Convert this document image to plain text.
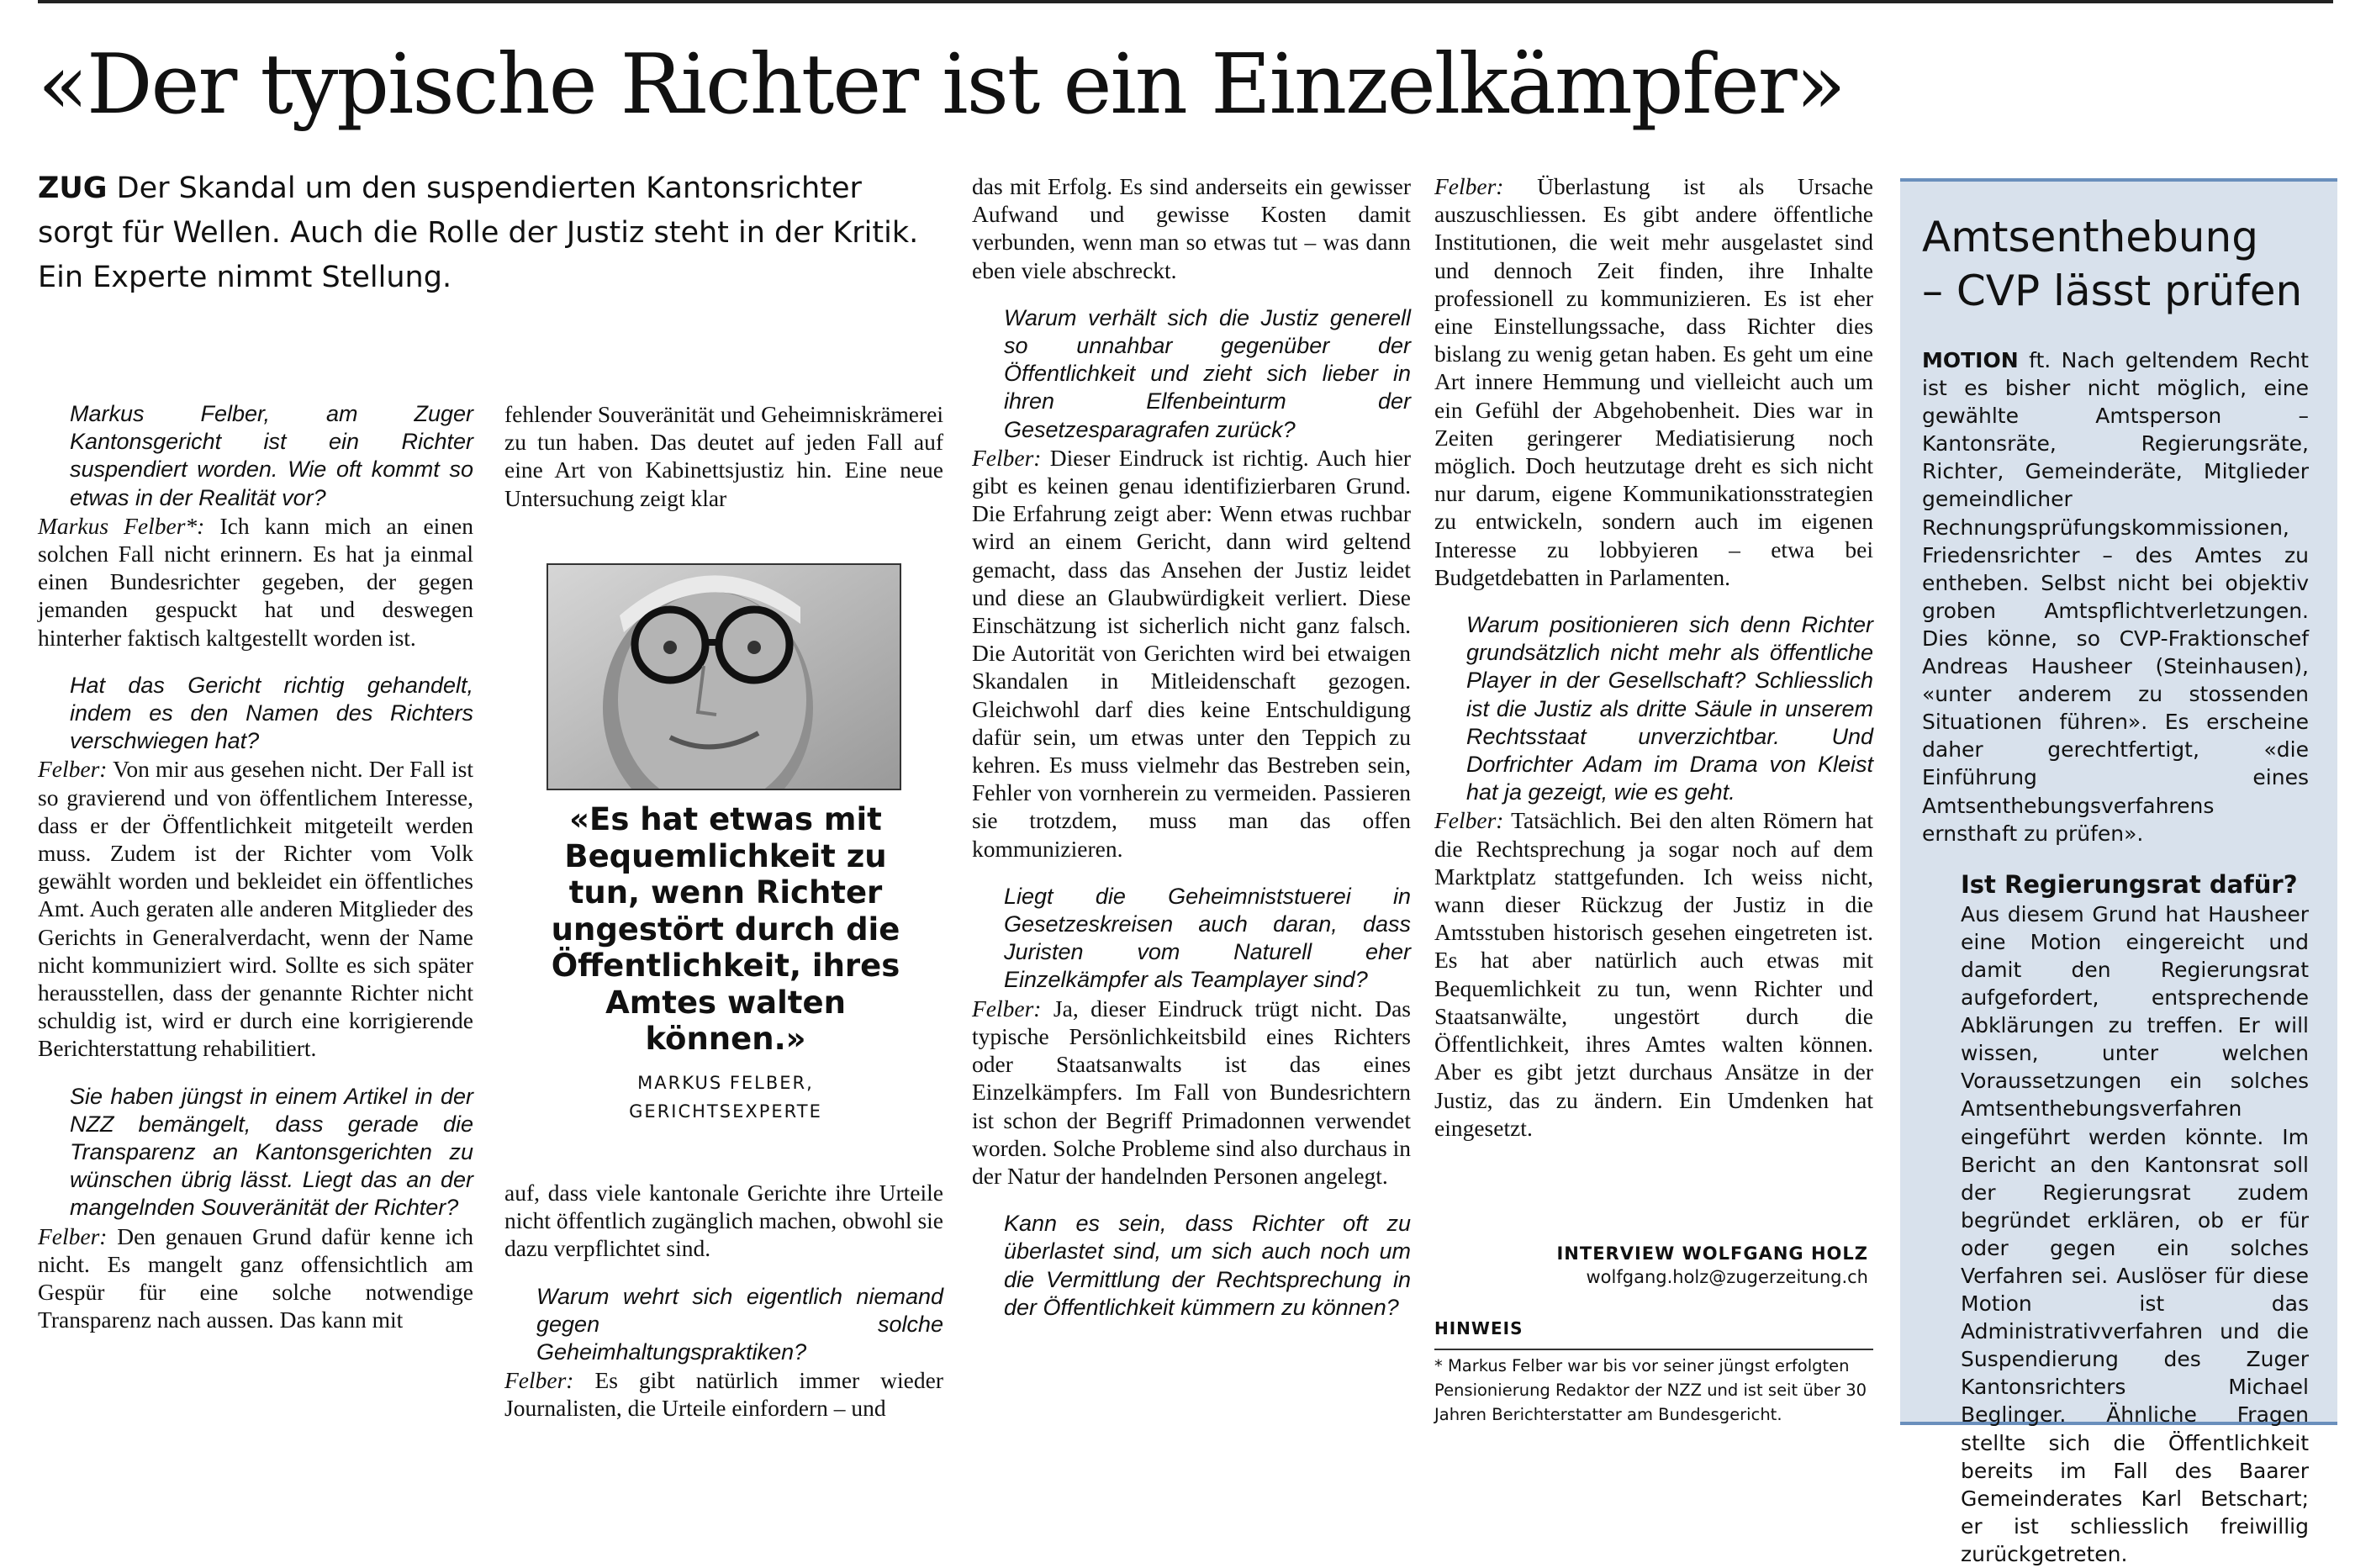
«Der typische Richter ist ein Einzelkämpfer»
ZUG Der Skandal um den suspendierten Kantonsrichter sorgt für Wellen. Auch die Rolle der Justiz steht in der Kritik. Ein Experte nimmt Stellung.

Markus Felber, am Zuger Kantonsgericht ist ein Richter suspendiert worden. Wie oft kommt so etwas in der Realität vor?

Markus Felber*: Ich kann mich an einen solchen Fall nicht erinnern. Es hat ja einmal einen Bundesrichter gegeben, der gegen jemanden gespuckt hat und deswegen hinterher faktisch kaltgestellt worden ist.

Hat das Gericht richtig gehandelt, indem es den Namen des Richters verschwiegen hat?

Felber: Von mir aus gesehen nicht. Der Fall ist so gravierend und von öffentlichem Interesse, dass er der Öffentlichkeit mitgeteilt werden muss. Zudem ist der Richter vom Volk gewählt worden und bekleidet ein öffentliches Amt. Auch geraten alle anderen Mitglieder des Gerichts in Generalverdacht, wenn der Name nicht kommuniziert wird. Sollte es sich später herausstellen, dass der genannte Richter nicht schuldig ist, wird er durch eine korrigierende Berichterstattung rehabilitiert.

Sie haben jüngst in einem Artikel in der NZZ bemängelt, dass gerade die Transparenz an Kantonsgerichten zu wünschen übrig lässt. Liegt das an der mangelnden Souveränität der Richter?

Felber: Den genauen Grund dafür kenne ich nicht. Es mangelt ganz offensichtlich am Gespür für eine solche notwendige Transparenz nach aussen. Das kann mit

fehlender Souveränität und Geheimniskrämerei zu tun haben. Das deutet auf jeden Fall auf eine Art von Kabinettsjustiz hin. Eine neue Untersuchung zeigt klar

«Es hat etwas mit Bequemlichkeit zu tun, wenn Richter ungestört durch die Öffentlichkeit, ihres Amtes walten können.»
MARKUS FELBER,
GERICHTSEXPERTE

auf, dass viele kantonale Gerichte ihre Urteile nicht öffentlich zugänglich machen, obwohl sie dazu verpflichtet sind.

Warum wehrt sich eigentlich niemand gegen solche Geheimhaltungspraktiken?

Felber: Es gibt natürlich immer wieder Journalisten, die Urteile einfordern – und

das mit Erfolg. Es sind anderseits ein gewisser Aufwand und gewisse Kosten damit verbunden, wenn man so etwas tut – was dann eben viele abschreckt.

Warum verhält sich die Justiz generell so unnahbar gegenüber der Öffentlichkeit und zieht sich lieber in ihren Elfenbeinturm der Gesetzesparagrafen zurück?

Felber: Dieser Eindruck ist richtig. Auch hier gibt es keinen genau identifizierbaren Grund. Die Erfahrung zeigt aber: Wenn etwas ruchbar wird an einem Gericht, dann wird geltend gemacht, dass das Ansehen der Justiz leidet und diese an Glaubwürdigkeit verliert. Diese Einschätzung ist sicherlich nicht ganz falsch. Die Autorität von Gerichten wird bei etwaigen Skandalen in Mitleidenschaft gezogen. Gleichwohl darf dies keine Entschuldigung dafür sein, um etwas unter den Teppich zu kehren. Es muss vielmehr das Bestreben sein, Fehler von vornherein zu vermeiden. Passieren sie trotzdem, muss man das offen kommunizieren.

Liegt die Geheimniststuerei in Gesetzeskreisen auch daran, dass Juristen vom Naturell eher Einzelkämpfer als Teamplayer sind?

Felber: Ja, dieser Eindruck trügt nicht. Das typische Persönlichkeitsbild eines Richters oder Staatsanwalts ist das eines Einzelkämpfers. Im Fall von Bundesrichtern ist schon der Begriff Primadonnen verwendet worden. Solche Probleme sind also durchaus in der Natur der handelnden Personen angelegt.

Kann es sein, dass Richter oft zu überlastet sind, um sich auch noch um die Vermittlung der Rechtsprechung in der Öffentlichkeit kümmern zu können?

Felber: Überlastung ist als Ursache auszuschliessen. Es gibt andere öffentliche Institutionen, die weit mehr ausgelastet sind und dennoch Zeit finden, ihre Inhalte professionell zu kommunizieren. Es ist eher eine Einstellungssache, dass Richter dies bislang zu wenig getan haben. Es geht um eine Art innere Hemmung und vielleicht auch um ein Gefühl der Abgehobenheit. Dies war in Zeiten geringerer Mediatisierung noch möglich. Doch heutzutage dreht es sich nicht nur darum, eigene Kommunikationsstrategien zu entwickeln, sondern auch im eigenen Interesse zu lobbyieren – etwa bei Budgetdebatten in Parlamenten.

Warum positionieren sich denn Richter grundsätzlich nicht mehr als öffentliche Player in der Gesellschaft? Schliesslich ist die Justiz als dritte Säule in unserem Rechtsstaat unverzichtbar. Und Dorfrichter Adam im Drama von Kleist hat ja gezeigt, wie es geht.

Felber: Tatsächlich. Bei den alten Römern hat die Rechtsprechung ja sogar noch auf dem Marktplatz stattgefunden. Ich weiss nicht, wann dieser Rückzug der Justiz in die Amtsstuben historisch gesehen eingetreten ist. Es hat aber natürlich auch etwas mit Bequemlichkeit zu tun, wenn Richter und Staatsanwälte, ungestört durch die Öffentlichkeit, ihres Amtes walten können. Aber es gibt jetzt durchaus Ansätze in der Justiz, das zu ändern. Ein Umdenken hat eingesetzt.

INTERVIEW WOLFGANG HOLZ
wolfgang.holz@zugerzeitung.ch
HINWEIS
* Markus Felber war bis vor seiner jüngst erfolgten Pensionierung Redaktor der NZZ und ist seit über 30 Jahren Berichterstatter am Bundesgericht.
Amtsenthebung
– CVP lässt prüfen

MOTION ft. Nach geltendem Recht ist es bisher nicht möglich, eine gewählte Amtsperson – Kantonsräte, Regierungsräte, Richter, Gemeinderäte, Mitglieder gemeindlicher Rechnungsprüfungskommissionen, Friedensrichter – des Amtes zu entheben. Selbst nicht bei objektiv groben Amtspflichtverletzungen. Dies könne, so CVP-Fraktionschef Andreas Hausheer (Steinhausen), «unter anderem zu stossenden Situationen führen». Es erscheine daher gerechtfertigt, «die Einführung eines Amtsenthebungsverfahrens ernsthaft zu prüfen».

Ist Regierungsrat dafür?

Aus diesem Grund hat Hausheer eine Motion eingereicht und damit den Regierungsrat aufgefordert, entsprechende Abklärungen zu treffen. Er will wissen, unter welchen Voraussetzungen ein solches Amtsenthebungsverfahren eingeführt werden könnte. Im Bericht an den Kantonsrat soll der Regierungsrat zudem begründet erklären, ob er für oder gegen ein solches Verfahren sei. Auslöser für diese Motion ist das Administrativverfahren und die Suspendierung des Zuger Kantonsrichters Michael Beglinger. Ähnliche Fragen stellte sich die Öffentlichkeit bereits im Fall des Baarer Gemeinderates Karl Betschart; er ist schliesslich freiwillig zurückgetreten.
